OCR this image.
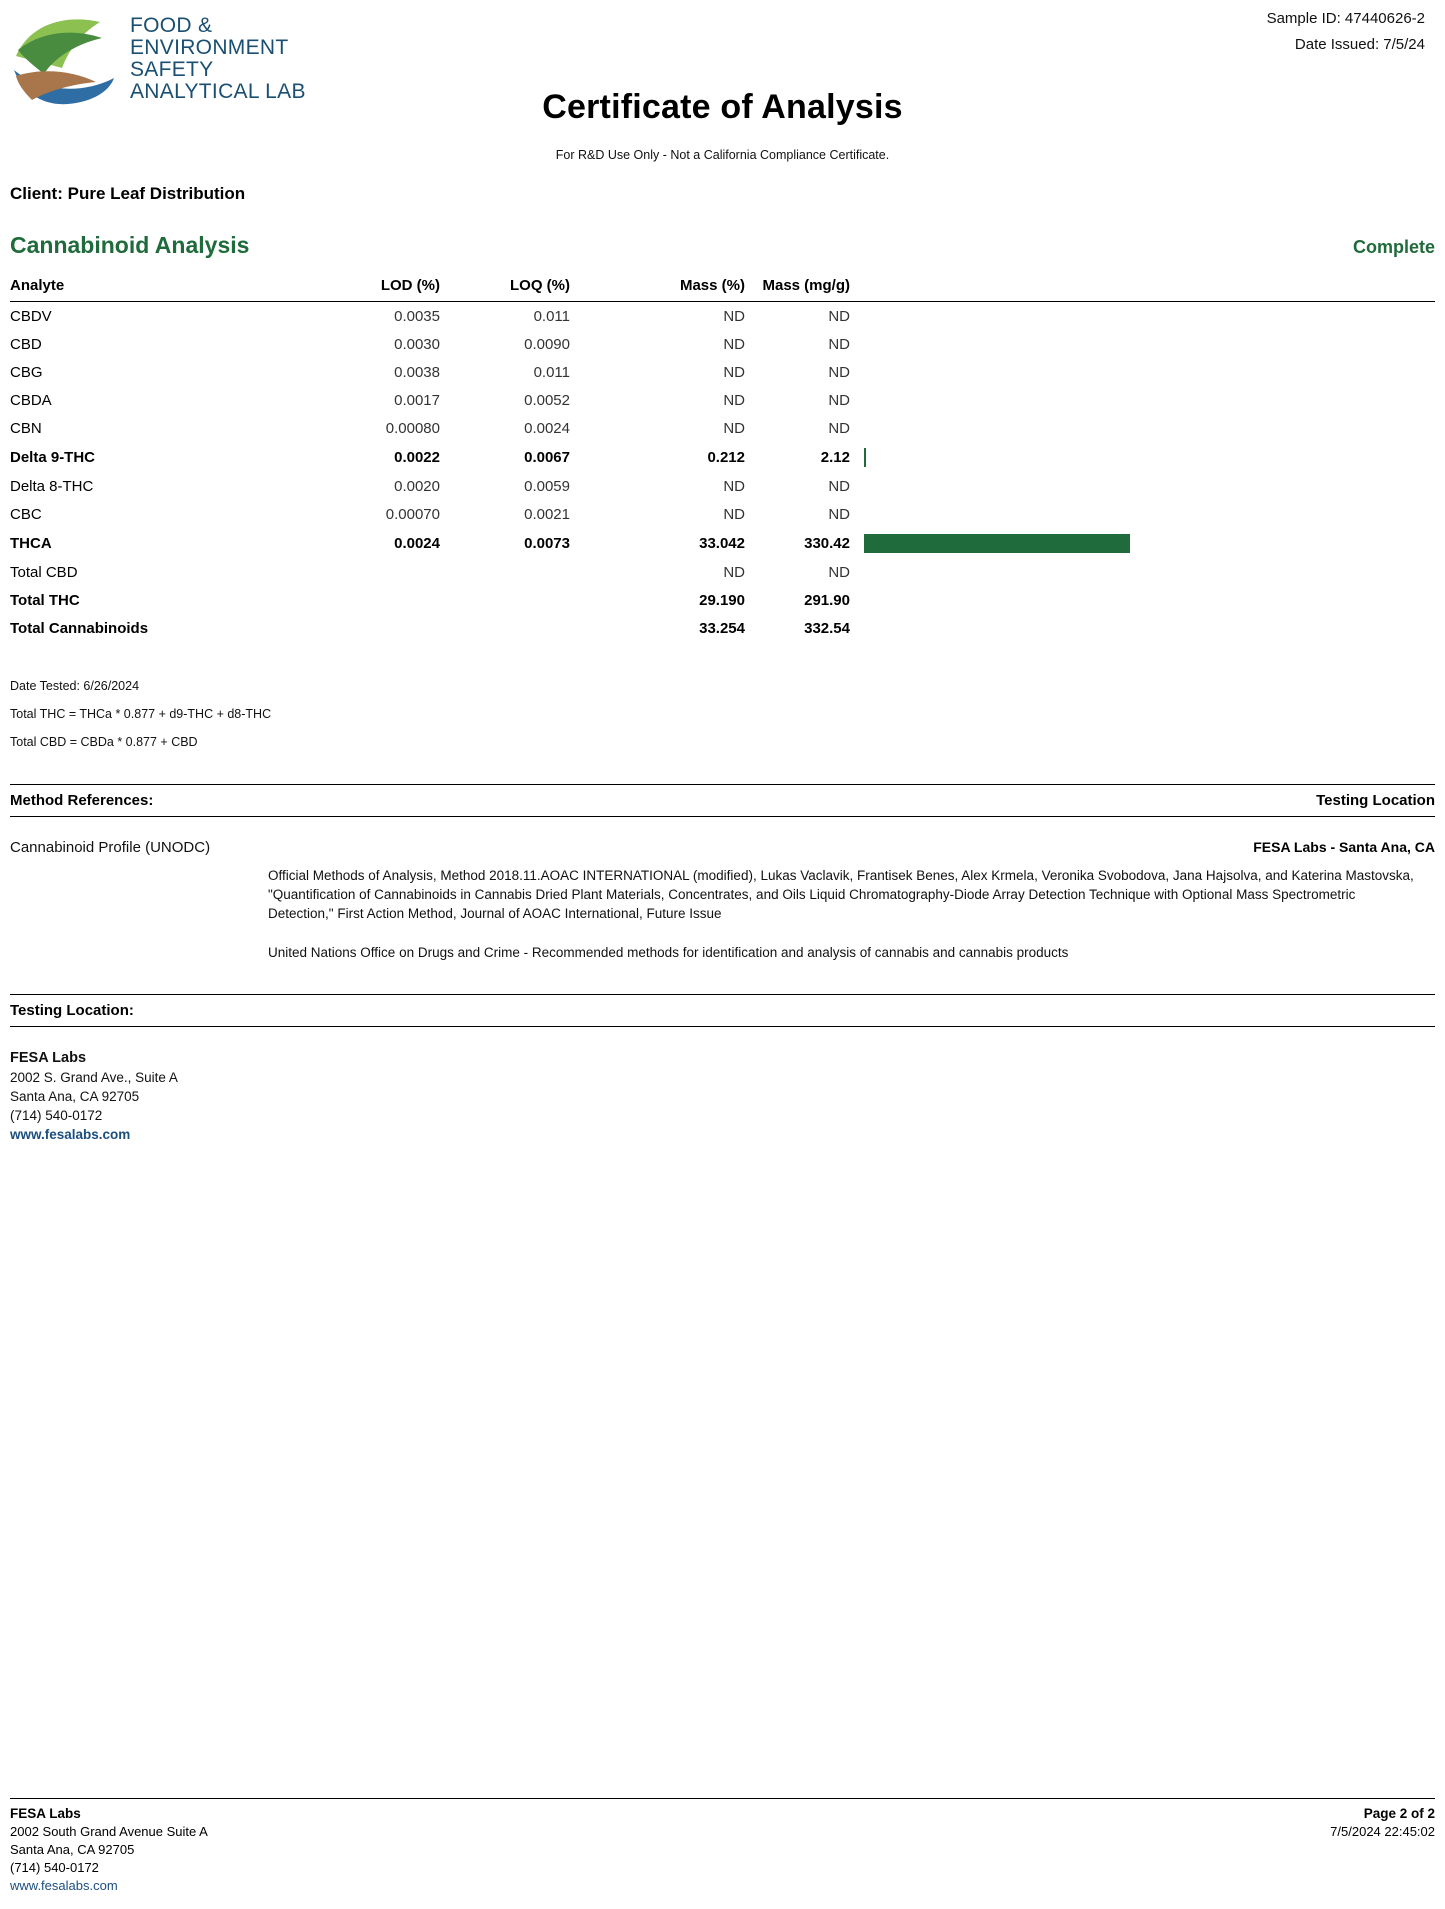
FOOD &
ENVIRONMENT
SAFETY
ANALYTICAL LAB
Sample ID: 47440626-2
Date Issued: 7/5/24
Certificate of Analysis
For R&D Use Only - Not a California Compliance Certificate.
Client: Pure Leaf Distribution
Cannabinoid Analysis	Complete
Analyte	LOD (%)	LOQ (%)	Mass (%)	Mass (mg/g)	
CBDV	0.0035	0.011	ND	ND	
CBD	0.0030	0.0090	ND	ND	
CBG	0.0038	0.011	ND	ND	
CBDA	0.0017	0.0052	ND	ND	
CBN	0.00080	0.0024	ND	ND	
Delta 9-THC	0.0022	0.0067	0.212	2.12	
Delta 8-THC	0.0020	0.0059	ND	ND	
CBC	0.00070	0.0021	ND	ND	
THCA	0.0024	0.0073	33.042	330.42	
Total CBD			ND	ND	
Total THC			29.190	291.90	
Total Cannabinoids			33.254	332.54	
Date Tested: 6/26/2024
Total THC = THCa * 0.877 + d9-THC + d8-THC
Total CBD = CBDa * 0.877 + CBD
Method References:	Testing Location
Cannabinoid Profile (UNODC)	FESA Labs - Santa Ana, CA

Official Methods of Analysis, Method 2018.11.AOAC INTERNATIONAL (modified), Lukas Vaclavik, Frantisek Benes, Alex Krmela, Veronika Svobodova, Jana Hajsolva, and Katerina Mastovska, "Quantification of Cannabinoids in Cannabis Dried Plant Materials, Concentrates, and Oils Liquid Chromatography-Diode Array Detection Technique with Optional Mass Spectrometric Detection," First Action Method, Journal of AOAC International, Future Issue

United Nations Office on Drugs and Crime - Recommended methods for identification and analysis of cannabis and cannabis products

Testing Location:
FESA Labs
2002 S. Grand Ave., Suite A
Santa Ana, CA 92705
(714) 540-0172
www.fesalabs.com
FESA Labs
2002 South Grand Avenue Suite A
Santa Ana, CA 92705
(714) 540-0172
www.fesalabs.com
Page 2 of 2
7/5/2024 22:45:02
